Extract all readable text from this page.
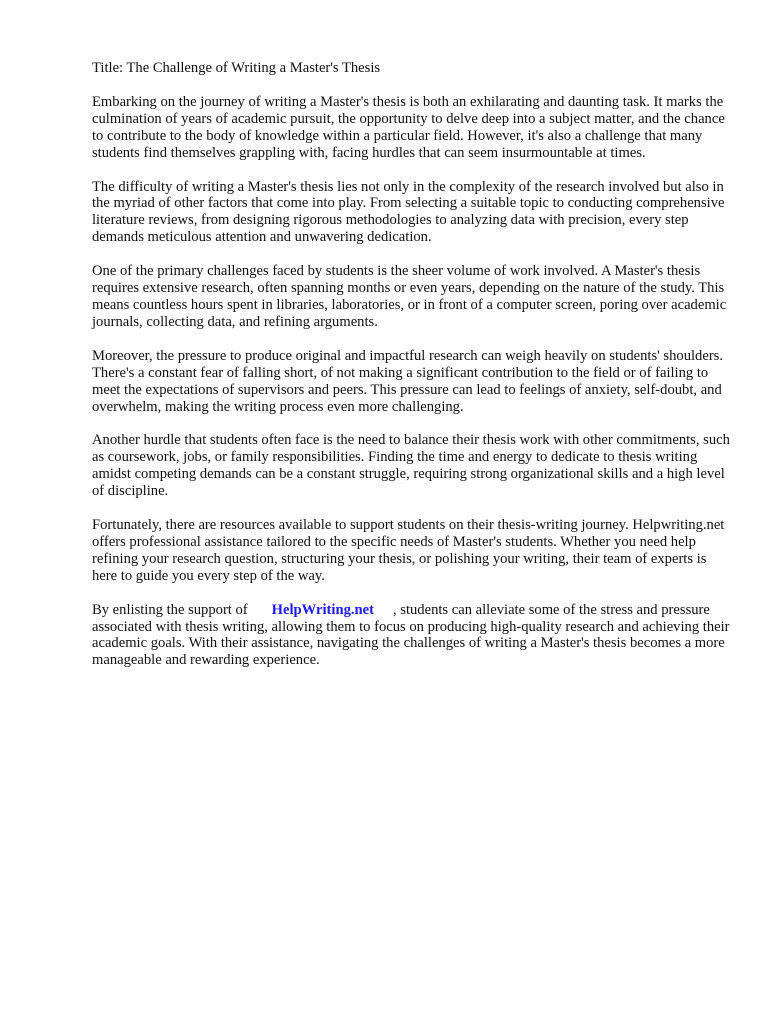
Title: The Challenge of Writing a Master's Thesis

Embarking on the journey of writing a Master's thesis is both an exhilarating and daunting task. It marks the culmination of years of academic pursuit, the opportunity to delve deep into a subject matter, and the chance to contribute to the body of knowledge within a particular field. However, it's also a challenge that many students find themselves grappling with, facing hurdles that can seem insurmountable at times.

The difficulty of writing a Master's thesis lies not only in the complexity of the research involved but also in the myriad of other factors that come into play. From selecting a suitable topic to conducting comprehensive literature reviews, from designing rigorous methodologies to analyzing data with precision, every step demands meticulous attention and unwavering dedication.

One of the primary challenges faced by students is the sheer volume of work involved. A Master's thesis requires extensive research, often spanning months or even years, depending on the nature of the study. This means countless hours spent in libraries, laboratories, or in front of a computer screen, poring over academic journals, collecting data, and refining arguments.

Moreover, the pressure to produce original and impactful research can weigh heavily on students' shoulders. There's a constant fear of falling short, of not making a significant contribution to the field or of failing to meet the expectations of supervisors and peers. This pressure can lead to feelings of anxiety, self-doubt, and overwhelm, making the writing process even more challenging.

Another hurdle that students often face is the need to balance their thesis work with other commitments, such as coursework, jobs, or family responsibilities. Finding the time and energy to dedicate to thesis writing amidst competing demands can be a constant struggle, requiring strong organizational skills and a high level of discipline.

Fortunately, there are resources available to support students on their thesis-writing journey. Helpwriting.net offers professional assistance tailored to the specific needs of Master's students. Whether you need help refining your research question, structuring your thesis, or polishing your writing, their team of experts is here to guide you every step of the way.

By enlisting the support of HelpWriting.net , students can alleviate some of the stress and pressure associated with thesis writing, allowing them to focus on producing high-quality research and achieving their academic goals. With their assistance, navigating the challenges of writing a Master's thesis becomes a more manageable and rewarding experience.
